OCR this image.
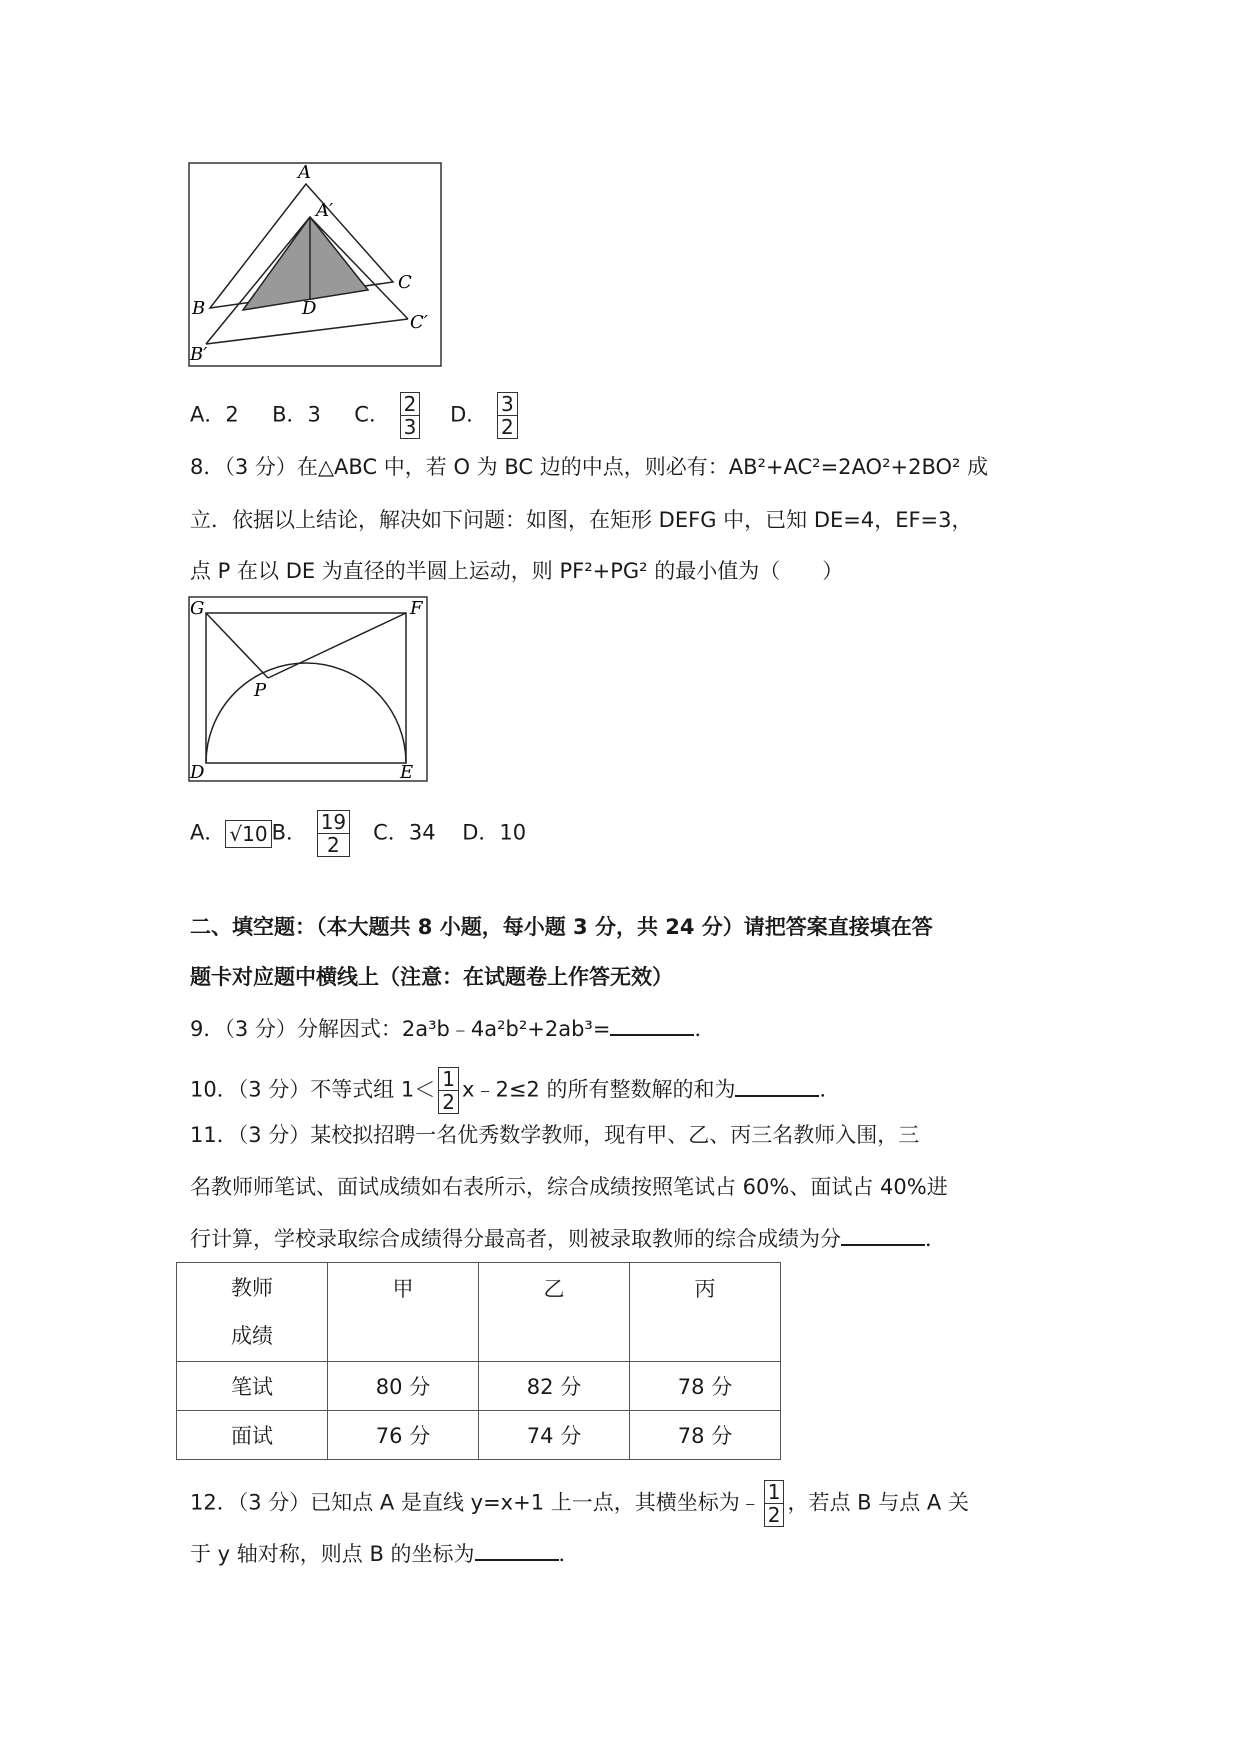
A
A′
B
C
D
C′
B′
A．2 B．3 C． $\frac{2}{3}$ D． $\frac{3}{2}$
8．（3 分）在△ABC 中，若 O 为 BC 边的中点，则必有：AB²+AC²=2AO²+2BO² 成
立．依据以上结论，解决如下问题：如图，在矩形 DEFG 中，已知 DE=4，EF=3，
点 P 在以 DE 为直径的半圆上运动，则 PF²+PG² 的最小值为（　　）
G	F
P
D	E
A． √10 B． $\frac{19}{2}$ C．34 D．10
二、填空题：（本大题共 8 小题，每小题 3 分，共 24 分）请把答案直接填在答
题卡对应题中横线上（注意：在试题卷上作答无效）
9．（3 分）分解因式：2a³b﹣4a²b²+2ab³=	．
10．（3 分）不等式组 $1< \frac{1}{2}$ x﹣2≤2 的所有整数解的和为	．
11．（3 分）某校拟招聘一名优秀数学教师，现有甲、乙、丙三名教师入围，三
名教师师笔试、面试成绩如右表所示，综合成绩按照笔试占 60%、面试占 40%进
行计算，学校录取综合成绩得分最高者，则被录取教师的综合成绩为分	．
教师
成绩	甲	乙	丙
笔试	80 分	82 分	78 分
面试	76 分	74 分	78 分
12．（3 分）已知点 A 是直线 y=x+1 上一点，其横坐标为﹣ $\frac{1}{2}$ ，若点 B 与点 A 关
于 y 轴对称，则点 B 的坐标为	．
